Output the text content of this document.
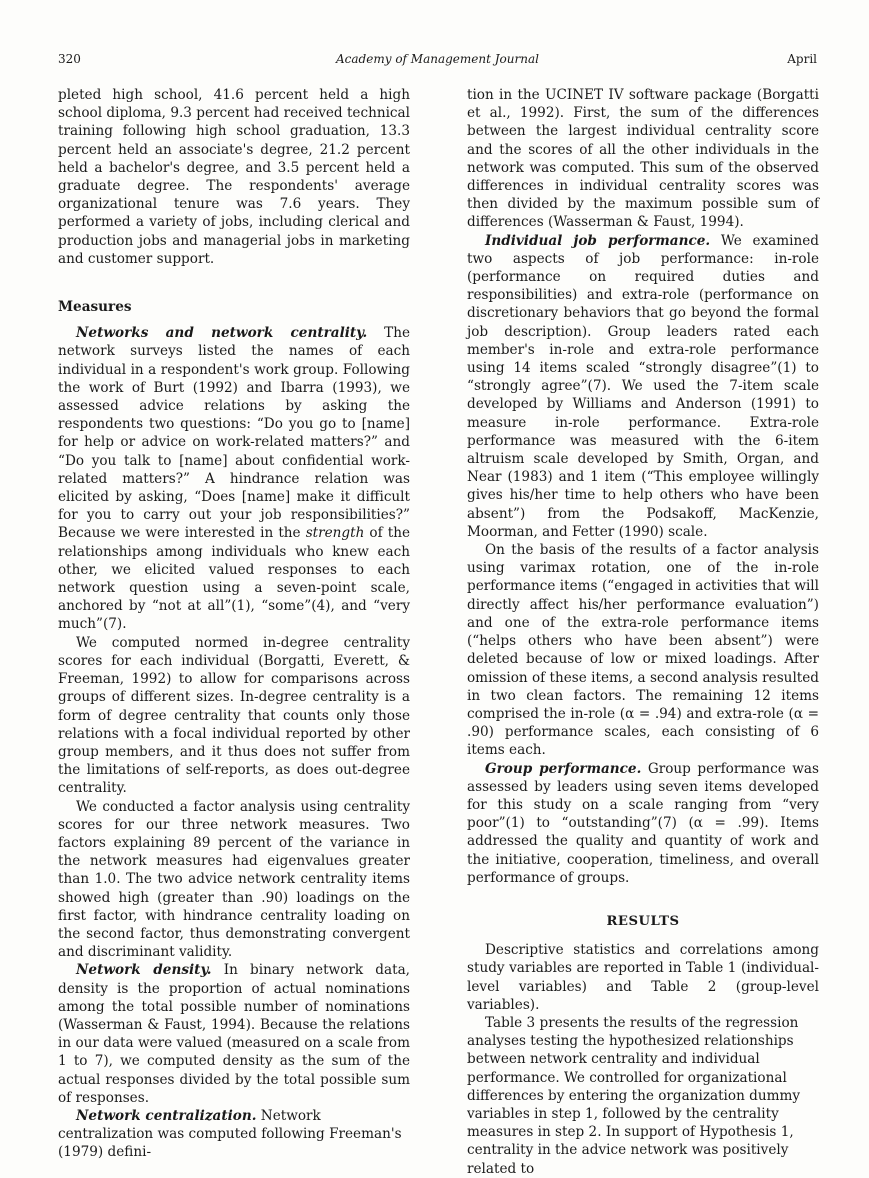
320	Academy of Management Journal	April

pleted high school, 41.6 percent held a high school diploma, 9.3 percent had received technical training following high school graduation, 13.3 percent held an associate's degree, 21.2 percent held a bachelor's degree, and 3.5 percent held a graduate degree. The respondents' average organizational tenure was 7.6 years. They performed a variety of jobs, including clerical and production jobs and managerial jobs in marketing and customer support.

Measures

Networks and network centrality. The network surveys listed the names of each individual in a respondent's work group. Following the work of Burt (1992) and Ibarra (1993), we assessed advice relations by asking the respondents two questions: “Do you go to [name] for help or advice on work-related matters?” and “Do you talk to [name] about confidential work-related matters?” A hindrance relation was elicited by asking, “Does [name] make it difficult for you to carry out your job responsibilities?” Because we were interested in the strength of the relationships among individuals who knew each other, we elicited valued responses to each network question using a seven-point scale, anchored by “not at all”(1), “some”(4), and “very much”(7).

We computed normed in-degree centrality scores for each individual (Borgatti, Everett, & Freeman, 1992) to allow for comparisons across groups of different sizes. In-degree centrality is a form of degree centrality that counts only those relations with a focal individual reported by other group members, and it thus does not suffer from the limitations of self-reports, as does out-degree centrality.

We conducted a factor analysis using centrality scores for our three network measures. Two factors explaining 89 percent of the variance in the network measures had eigenvalues greater than 1.0. The two advice network centrality items showed high (greater than .90) loadings on the first factor, with hindrance centrality loading on the second factor, thus demonstrating convergent and discriminant validity.

Network density. In binary network data, density is the proportion of actual nominations among the total possible number of nominations (Wasserman & Faust, 1994). Because the relations in our data were valued (measured on a scale from 1 to 7), we computed density as the sum of the actual responses divided by the total possible sum of responses.

Network centralization. Network centralization was computed following Freeman's (1979) defini-

tion in the UCINET IV software package (Borgatti et al., 1992). First, the sum of the differences between the largest individual centrality score and the scores of all the other individuals in the network was computed. This sum of the observed differences in individual centrality scores was then divided by the maximum possible sum of differences (Wasserman & Faust, 1994).

Individual job performance. We examined two aspects of job performance: in-role (performance on required duties and responsibilities) and extra-role (performance on discretionary behaviors that go beyond the formal job description). Group leaders rated each member's in-role and extra-role performance using 14 items scaled “strongly disagree”(1) to “strongly agree”(7). We used the 7-item scale developed by Williams and Anderson (1991) to measure in-role performance. Extra-role performance was measured with the 6-item altruism scale developed by Smith, Organ, and Near (1983) and 1 item (“This employee willingly gives his/her time to help others who have been absent”) from the Podsakoff, MacKenzie, Moorman, and Fetter (1990) scale.

On the basis of the results of a factor analysis using varimax rotation, one of the in-role performance items (“engaged in activities that will directly affect his/her performance evaluation”) and one of the extra-role performance items (“helps others who have been absent”) were deleted because of low or mixed loadings. After omission of these items, a second analysis resulted in two clean factors. The remaining 12 items comprised the in-role (α = .94) and extra-role (α = .90) performance scales, each consisting of 6 items each.

Group performance. Group performance was assessed by leaders using seven items developed for this study on a scale ranging from “very poor”(1) to “outstanding”(7) (α = .99). Items addressed the quality and quantity of work and the initiative, cooperation, timeliness, and overall performance of groups.

RESULTS

Descriptive statistics and correlations among study variables are reported in Table 1 (individual-level variables) and Table 2 (group-level variables).

Table 3 presents the results of the regression analyses testing the hypothesized relationships between network centrality and individual performance. We controlled for organizational differences by entering the organization dummy variables in step 1, followed by the centrality measures in step 2. In support of Hypothesis 1, centrality in the advice network was positively related to
